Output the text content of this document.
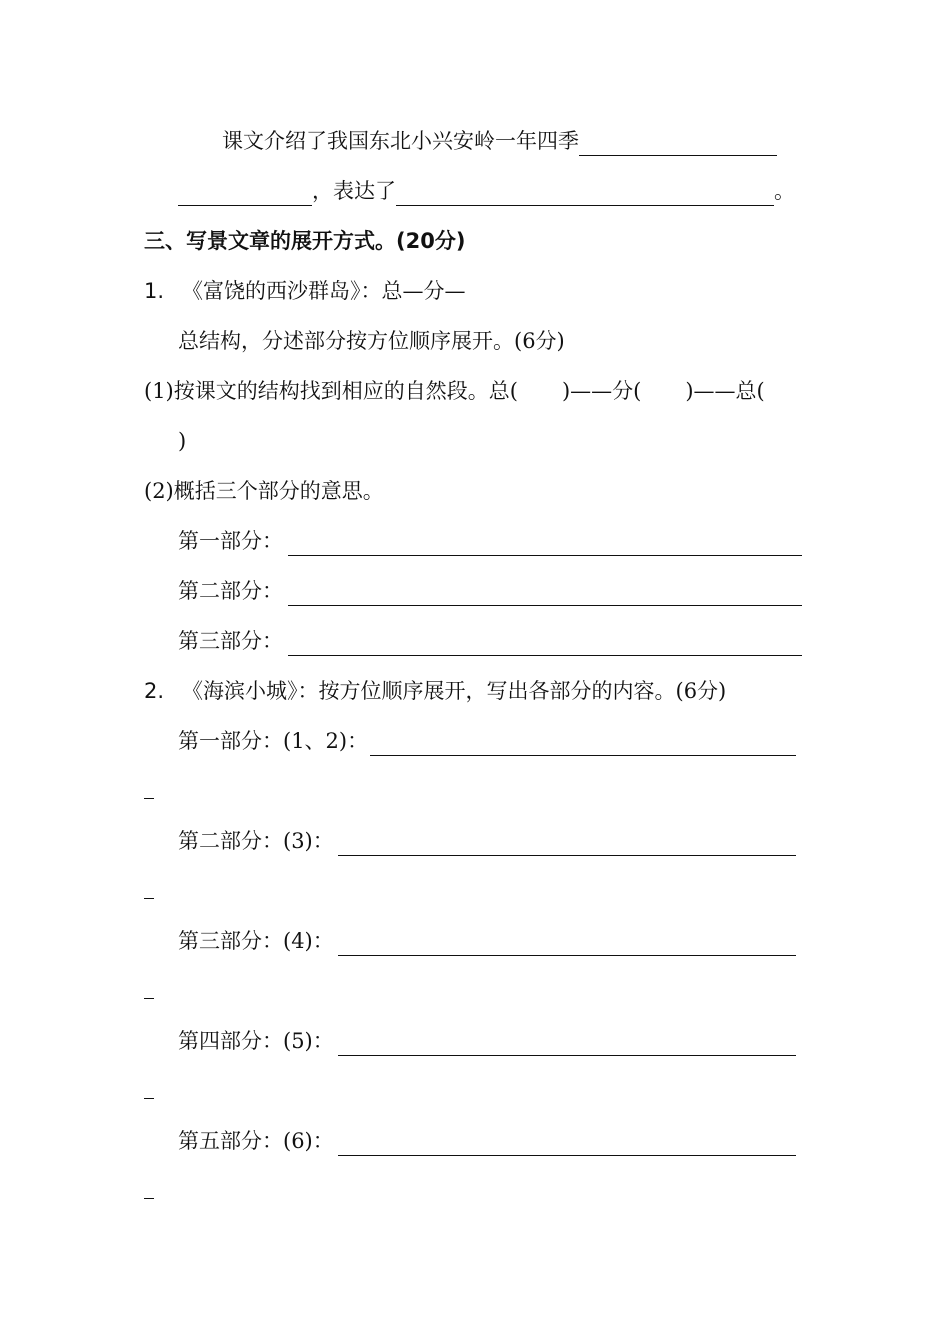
课文介绍了我国东北小兴安岭一年四季
，表达了	。
三、写景文章的展开方式。(20分)
1. 《富饶的西沙群岛》：总—分—
总结构，分述部分按方位顺序展开。(6分)
(1)按课文的结构找到相应的自然段。总( )——分( )——总(
)
(2)概括三个部分的意思。
第一部分：
第二部分：
第三部分：
2. 《海滨小城》：按方位顺序展开，写出各部分的内容。(6分)
第一部分：(1、2)：
第二部分：(3)：
第三部分：(4)：
第四部分：(5)：
第五部分：(6)：
